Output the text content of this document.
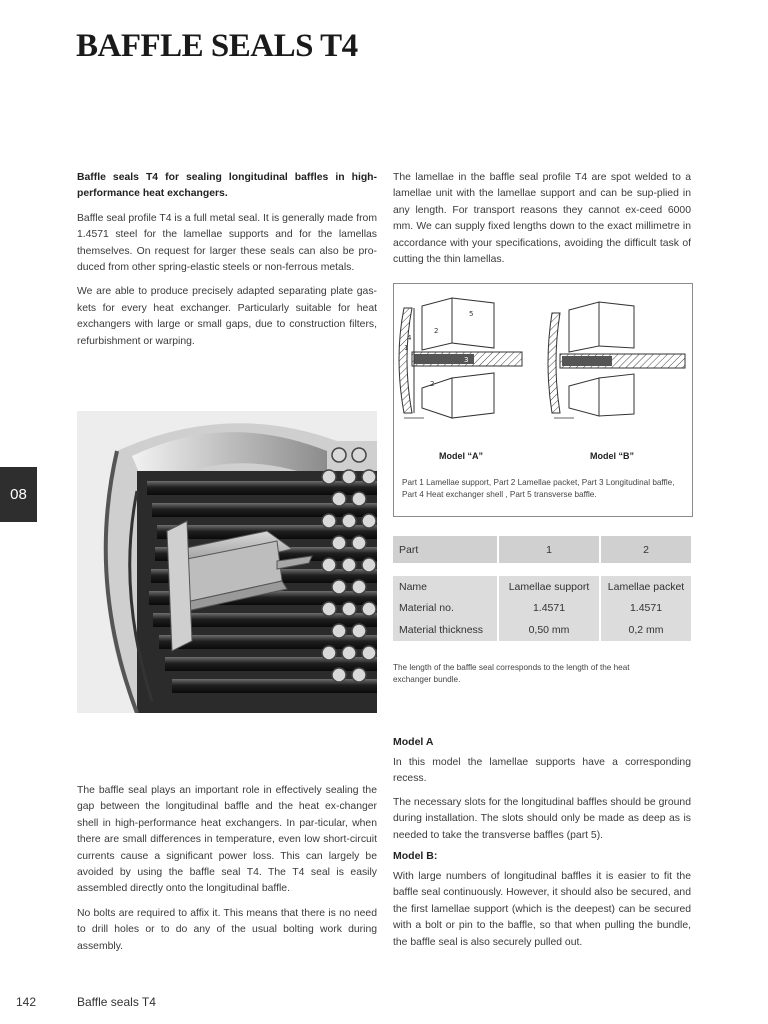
BAFFLE SEALS T4
08

Baffle seals T4 for sealing longitudinal baffles in high-performance heat exchangers.

Baffle seal profile T4 is a full metal seal. It is generally made from 1.4571 steel for the lamellae supports and for the lamellas themselves. On request for larger these seals can also be pro-duced from other spring-elastic steels or non-ferrous metals.

We are able to produce precisely adapted separating plate gas-kets for every heat exchanger. Particularly suitable for heat exchangers with large or small gaps, due to construction filters, refurbishment or warping.

The baffle seal plays an important role in effectively sealing the gap between the longitudinal baffle and the heat ex-changer shell in high-performance heat exchangers. In par-ticular, when there are small differences in temperature, even low short-circuit currents cause a significant power loss. This can largely be avoided by using the baffle seal T4. The T4 seal is easily assembled directly onto the longitudinal baffle.

No bolts are required to affix it. This means that there is no need to drill holes or to do any of the usual bolting work during assembly.

The lamellae in the baffle seal profile T4 are spot welded to a lamellae unit with the lamellae support and can be sup-plied in any length. For transport reasons they cannot ex-ceed 6000 mm. We can supply fixed lengths down to the exact millimetre in accordance with your specifications, avoiding the difficult task of cutting the thin lamellas.

2
5
4
1
3
2
Model “A”	Model “B”

Part 1 Lamellae support, Part 2 Lamellae packet, Part 3 Longitudinal baffle, Part 4 Heat exchanger shell , Part 5 transverse baffle.

Part	1	2

Name	Lamellae support	Lamellae packet
Material no.	1.4571	1.4571
Material thickness	0,50 mm	0,2 mm

The length of the baffle seal corresponds to the length of the heat exchanger bundle.

Model A

In this model the lamellae supports have a corresponding recess.

The necessary slots for the longitudinal baffles should be ground during installation. The slots should only be made as deep as is needed to take the transverse baffles (part 5).

Model B:

With large numbers of longitudinal baffles it is easier to fit the baffle seal continuously. However, it should also be secured, and the first lamellae support (which is the deepest) can be secured with a bolt or pin to the baffle, so that when pulling the bundle, the baffle seal is also securely pulled out.

142	Baffle seals T4
